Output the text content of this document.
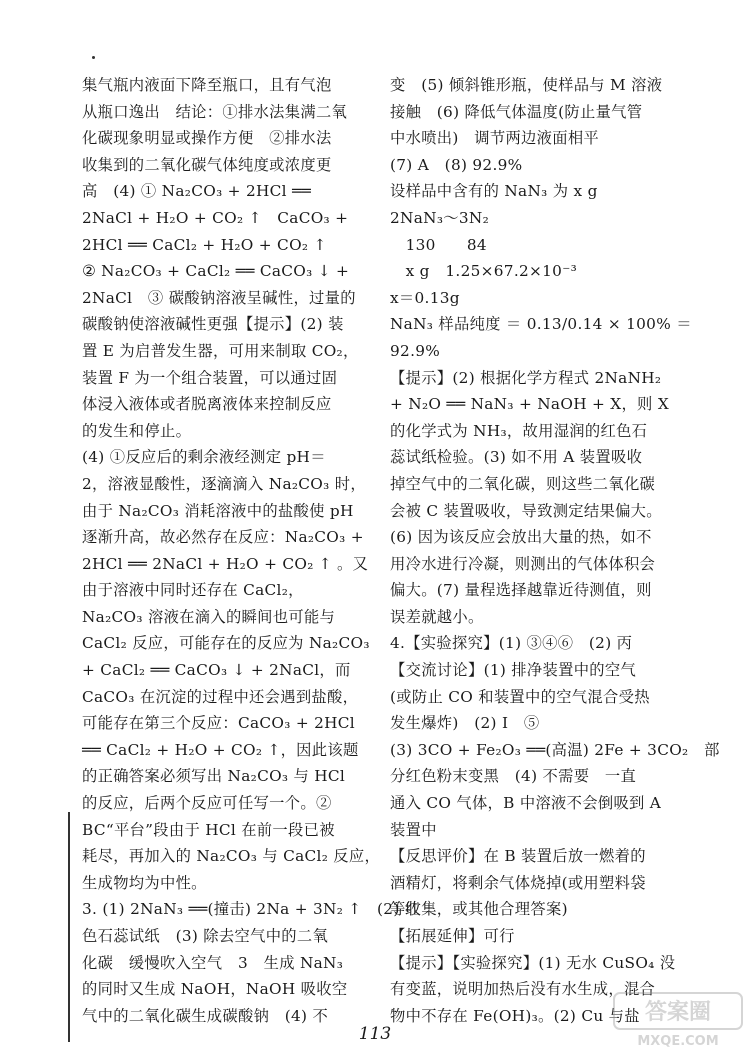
集气瓶内液面下降至瓶口，且有气泡

从瓶口逸出　结论：①排水法集满二氧

化碳现象明显或操作方便　②排水法

收集到的二氧化碳气体纯度或浓度更

高　(4) ① Na₂CO₃ + 2HCl ══

2NaCl + H₂O + CO₂ ↑　CaCO₃ +

2HCl ══ CaCl₂ + H₂O + CO₂ ↑

② Na₂CO₃ + CaCl₂ ══ CaCO₃ ↓ +

2NaCl　③ 碳酸钠溶液呈碱性，过量的

碳酸钠使溶液碱性更强【提示】(2) 装

置 E 为启普发生器，可用来制取 CO₂，

装置 F 为一个组合装置，可以通过固

体浸入液体或者脱离液体来控制反应

的发生和停止。

(4) ①反应后的剩余液经测定 pH＝

2，溶液显酸性，逐滴滴入 Na₂CO₃ 时，

由于 Na₂CO₃ 消耗溶液中的盐酸使 pH

逐渐升高，故必然存在反应：Na₂CO₃ +

2HCl ══ 2NaCl + H₂O + CO₂ ↑ 。又

由于溶液中同时还存在 CaCl₂，

Na₂CO₃ 溶液在滴入的瞬间也可能与

CaCl₂ 反应，可能存在的反应为 Na₂CO₃

+ CaCl₂ ══ CaCO₃ ↓ + 2NaCl，而

CaCO₃ 在沉淀的过程中还会遇到盐酸，

可能存在第三个反应：CaCO₃ + 2HCl

══ CaCl₂ + H₂O + CO₂ ↑，因此该题

的正确答案必须写出 Na₂CO₃ 与 HCl

的反应，后两个反应可任写一个。②

BC“平台”段由于 HCl 在前一段已被

耗尽，再加入的 Na₂CO₃ 与 CaCl₂ 反应，

生成物均为中性。

3. (1) 2NaN₃ ══(撞击) 2Na + 3N₂ ↑　(2) 红

色石蕊试纸　(3) 除去空气中的二氧

化碳　缓慢吹入空气　3　生成 NaN₃

的同时又生成 NaOH，NaOH 吸收空

气中的二氧化碳生成碳酸钠　(4) 不

变　(5) 倾斜锥形瓶，使样品与 M 溶液

接触　(6) 降低气体温度(防止量气管

中水喷出)　调节两边液面相平

(7) A　(8) 92.9%

设样品中含有的 NaN₃ 为 x g

2NaN₃～3N₂

　130　　84

　x g　1.25×67.2×10⁻³

x＝0.13g

NaN₃ 样品纯度 ＝ 0.13/0.14 × 100% ＝

92.9%

【提示】(2) 根据化学方程式 2NaNH₂

+ N₂O ══ NaN₃ + NaOH + X，则 X

的化学式为 NH₃，故用湿润的红色石

蕊试纸检验。(3) 如不用 A 装置吸收

掉空气中的二氧化碳，则这些二氧化碳

会被 C 装置吸收，导致测定结果偏大。

(6) 因为该反应会放出大量的热，如不

用冷水进行冷凝，则测出的气体体积会

偏大。(7) 量程选择越靠近待测值，则

误差就越小。

4.【实验探究】(1) ③④⑥　(2) 丙

【交流讨论】(1) 排净装置中的空气

(或防止 CO 和装置中的空气混合受热

发生爆炸)　(2) Ⅰ　⑤

(3) 3CO + Fe₂O₃ ══(高温) 2Fe + 3CO₂　部

分红色粉末变黑　(4) 不需要　一直

通入 CO 气体，B 中溶液不会倒吸到 A

装置中

【反思评价】在 B 装置后放一燃着的

酒精灯，将剩余气体烧掉(或用塑料袋

等收集，或其他合理答案)

【拓展延伸】可行

【提示】【实验探究】(1) 无水 CuSO₄ 没

有变蓝，说明加热后没有水生成，混合

物中不存在 Fe(OH)₃。(2) Cu 与盐

113
答案圈
MXQE.COM
